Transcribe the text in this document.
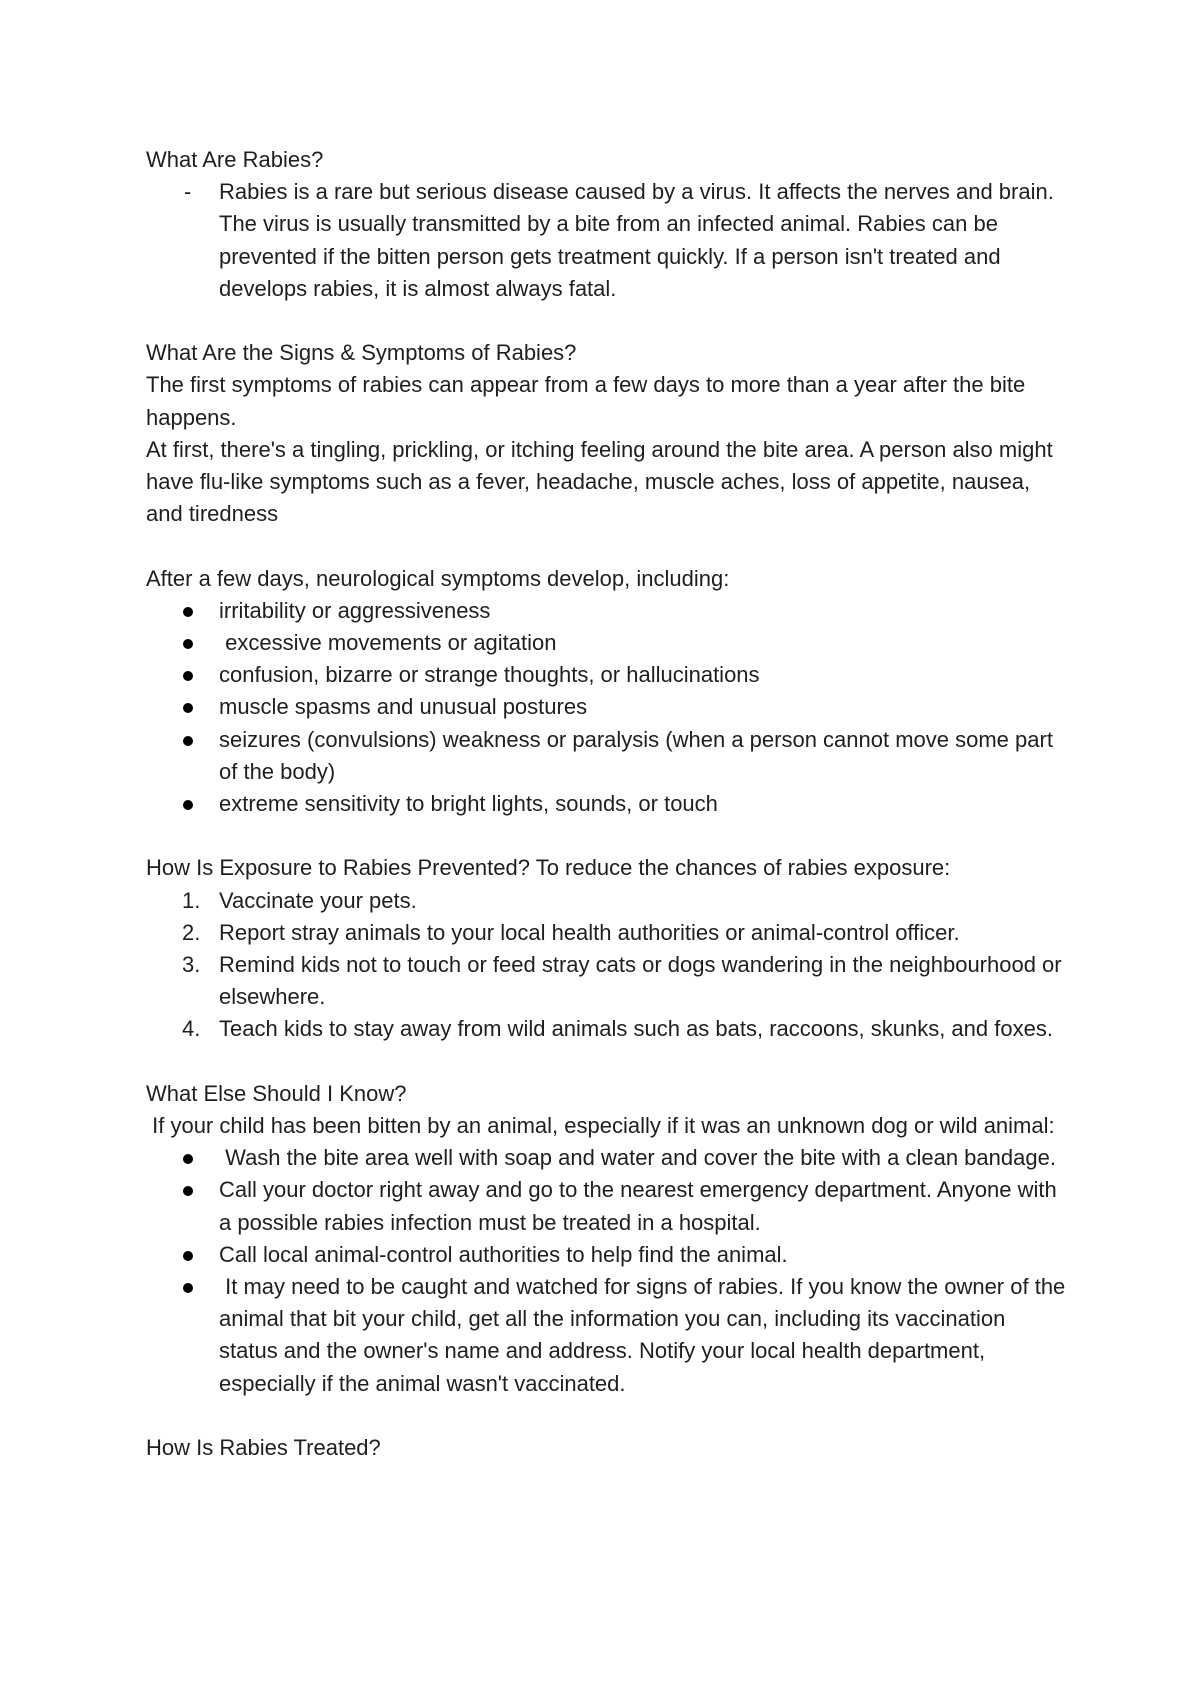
What Are Rabies?

- Rabies is a rare but serious disease caused by a virus. It affects the nerves and brain. The virus is usually transmitted by a bite from an infected animal. Rabies can be prevented if the bitten person gets treatment quickly. If a person isn't treated and develops rabies, it is almost always fatal.

What Are the Signs & Symptoms of Rabies?

The first symptoms of rabies can appear from a few days to more than a year after the bite happens.

At first, there's a tingling, prickling, or itching feeling around the bite area. A person also might have flu-like symptoms such as a fever, headache, muscle aches, loss of appetite, nausea, and tiredness

After a few days, neurological symptoms develop, including:

irritability or aggressiveness
excessive movements or agitation
confusion, bizarre or strange thoughts, or hallucinations
muscle spasms and unusual postures
seizures (convulsions) weakness or paralysis (when a person cannot move some part of the body)
extreme sensitivity to bright lights, sounds, or touch

How Is Exposure to Rabies Prevented? To reduce the chances of rabies exposure:

1. Vaccinate your pets.
2. Report stray animals to your local health authorities or animal-control officer.
3. Remind kids not to touch or feed stray cats or dogs wandering in the neighbourhood or elsewhere.
4. Teach kids to stay away from wild animals such as bats, raccoons, skunks, and foxes.

What Else Should I Know?

If your child has been bitten by an animal, especially if it was an unknown dog or wild animal:

Wash the bite area well with soap and water and cover the bite with a clean bandage.
Call your doctor right away and go to the nearest emergency department. Anyone with a possible rabies infection must be treated in a hospital.
Call local animal-control authorities to help find the animal.
It may need to be caught and watched for signs of rabies. If you know the owner of the animal that bit your child, get all the information you can, including its vaccination status and the owner's name and address. Notify your local health department, especially if the animal wasn't vaccinated.

How Is Rabies Treated?
